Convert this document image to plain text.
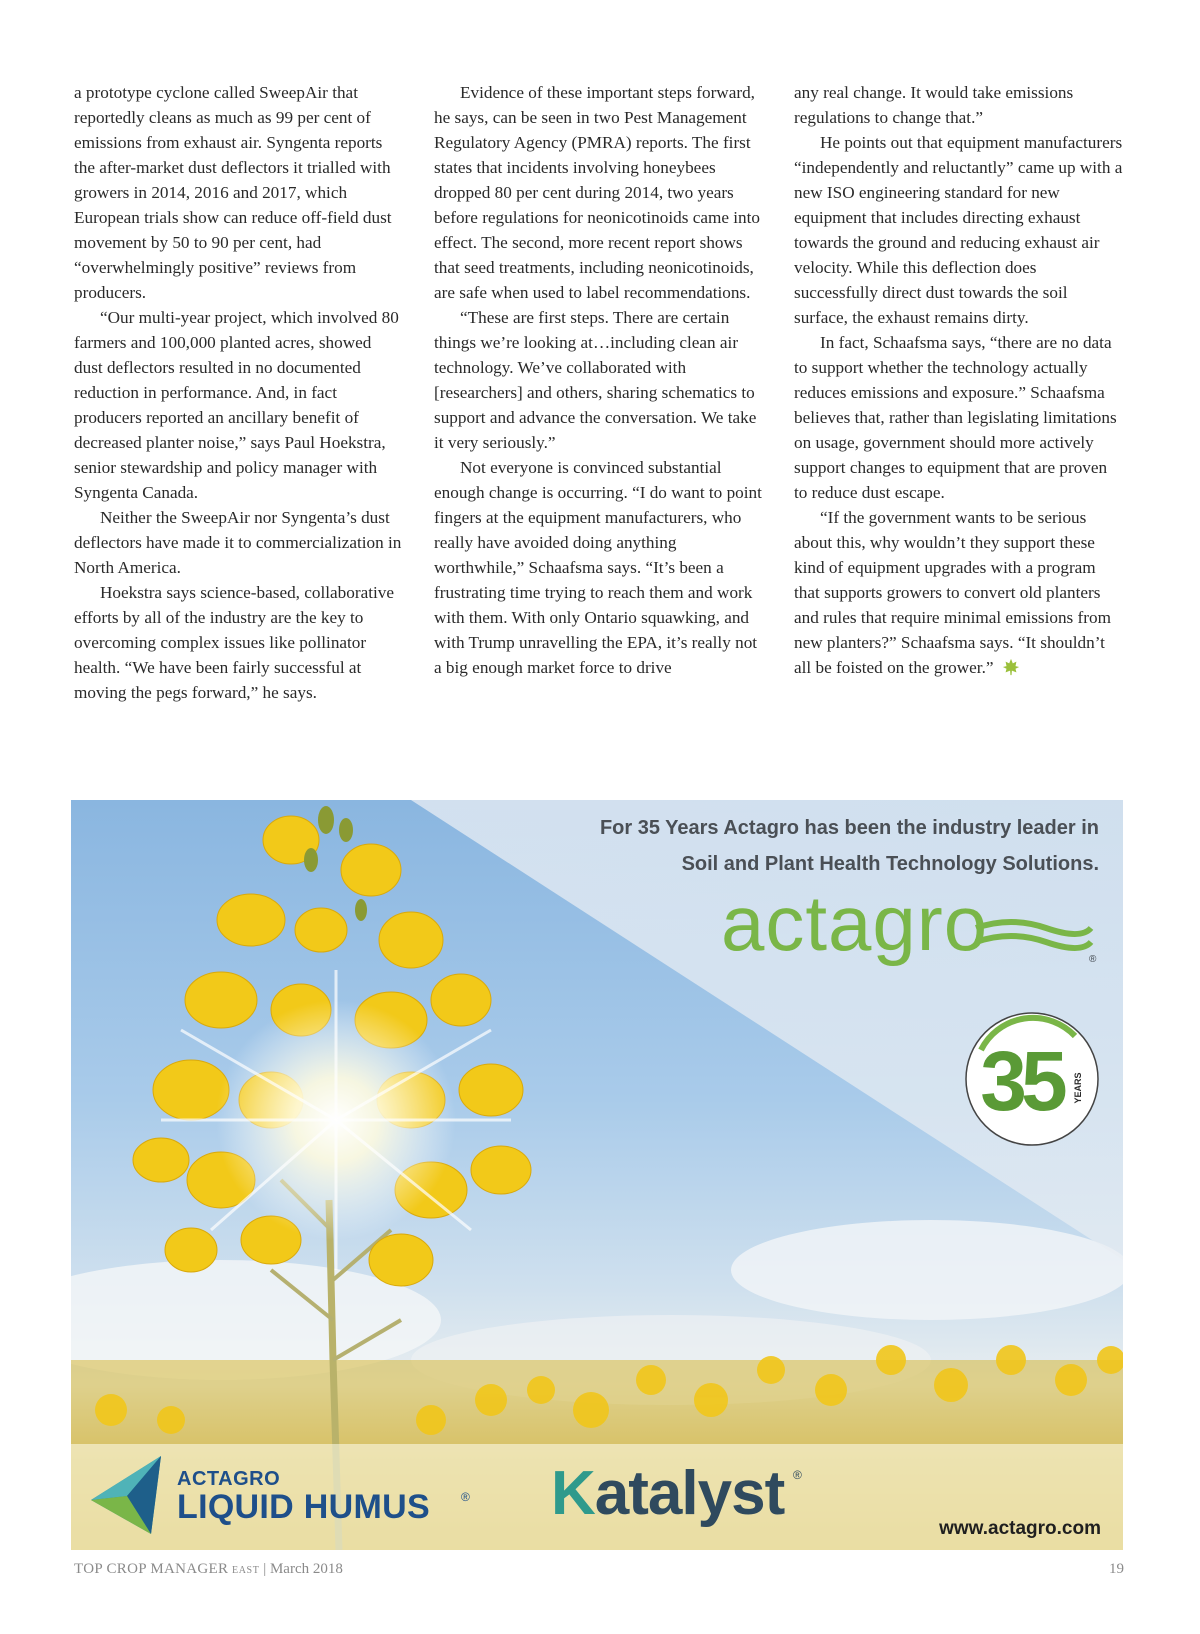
a prototype cyclone called SweepAir that reportedly cleans as much as 99 per cent of emissions from exhaust air. Syngenta reports the after-market dust deflectors it trialled with growers in 2014, 2016 and 2017, which European trials show can reduce off-field dust movement by 50 to 90 per cent, had “overwhelmingly positive” reviews from producers.

“Our multi-year project, which involved 80 farmers and 100,000 planted acres, showed dust deflectors resulted in no documented reduction in performance. And, in fact producers reported an ancillary benefit of decreased planter noise,” says Paul Hoekstra, senior stewardship and policy manager with Syngenta Canada.

Neither the SweepAir nor Syngenta’s dust deflectors have made it to commercialization in North America.

Hoekstra says science-based, collaborative efforts by all of the industry are the key to overcoming complex issues like pollinator health. “We have been fairly successful at moving the pegs forward,” he says.

Evidence of these important steps forward, he says, can be seen in two Pest Management Regulatory Agency (PMRA) reports. The first states that incidents involving honeybees dropped 80 per cent during 2014, two years before regulations for neonicotinoids came into effect. The second, more recent report shows that seed treatments, including neonicotinoids, are safe when used to label recommendations.

“These are first steps. There are certain things we’re looking at…including clean air technology. We’ve collaborated with [researchers] and others, sharing schematics to support and advance the conversation. We take it very seriously.”

Not everyone is convinced substantial enough change is occurring. “I do want to point fingers at the equipment manufacturers, who really have avoided doing anything worthwhile,” Schaafsma says. “It’s been a frustrating time trying to reach them and work with them. With only Ontario squawking, and with Trump unravelling the EPA, it’s really not a big enough market force to drive

any real change. It would take emissions regulations to change that.”

He points out that equipment manufacturers “independently and reluctantly” came up with a new ISO engineering standard for new equipment that includes directing exhaust towards the ground and reducing exhaust air velocity. While this deflection does successfully direct dust towards the soil surface, the exhaust remains dirty.

In fact, Schaafsma says, “there are no data to support whether the technology actually reduces emissions and exposure.” Schaafsma believes that, rather than legislating limitations on usage, government should more actively support changes to equipment that are proven to reduce dust escape.

“If the government wants to be serious about this, why wouldn’t they support these kind of equipment upgrades with a program that supports growers to convert old planters and rules that require minimal emissions from new planters?” Schaafsma says. “It shouldn’t all be foisted on the grower.”

For 35 Years Actagro has been the industry leader in
Soil and Plant Health Technology Solutions.
actagro	®
35	YEARS
ACTAGRO
LIQUID HUMUS	® Katalyst ®
www.actagro.com
TOP CROP MANAGER EAST | March 2018	19
